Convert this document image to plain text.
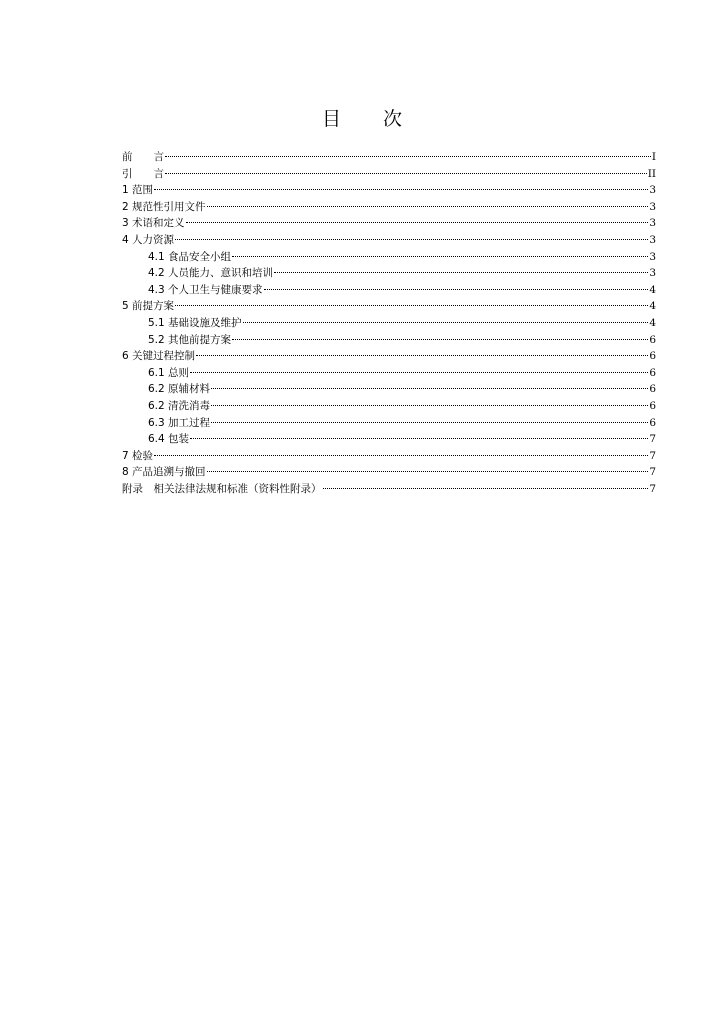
目 次
前　　言	I
引　　言	II
1 范围	3
2 规范性引用文件	3
3 术语和定义	3
4 人力资源	3
4.1 食品安全小组	3
4.2 人员能力、意识和培训	3
4.3 个人卫生与健康要求	4
5 前提方案	4
5.1 基础设施及维护	4
5.2 其他前提方案	6
6 关键过程控制	6
6.1 总则	6
6.2 原辅材料	6
6.2 清洗消毒	6
6.3 加工过程	6
6.4 包装	7
7 检验	7
8 产品追溯与撤回	7
附录　相关法律法规和标准（资料性附录）	7
